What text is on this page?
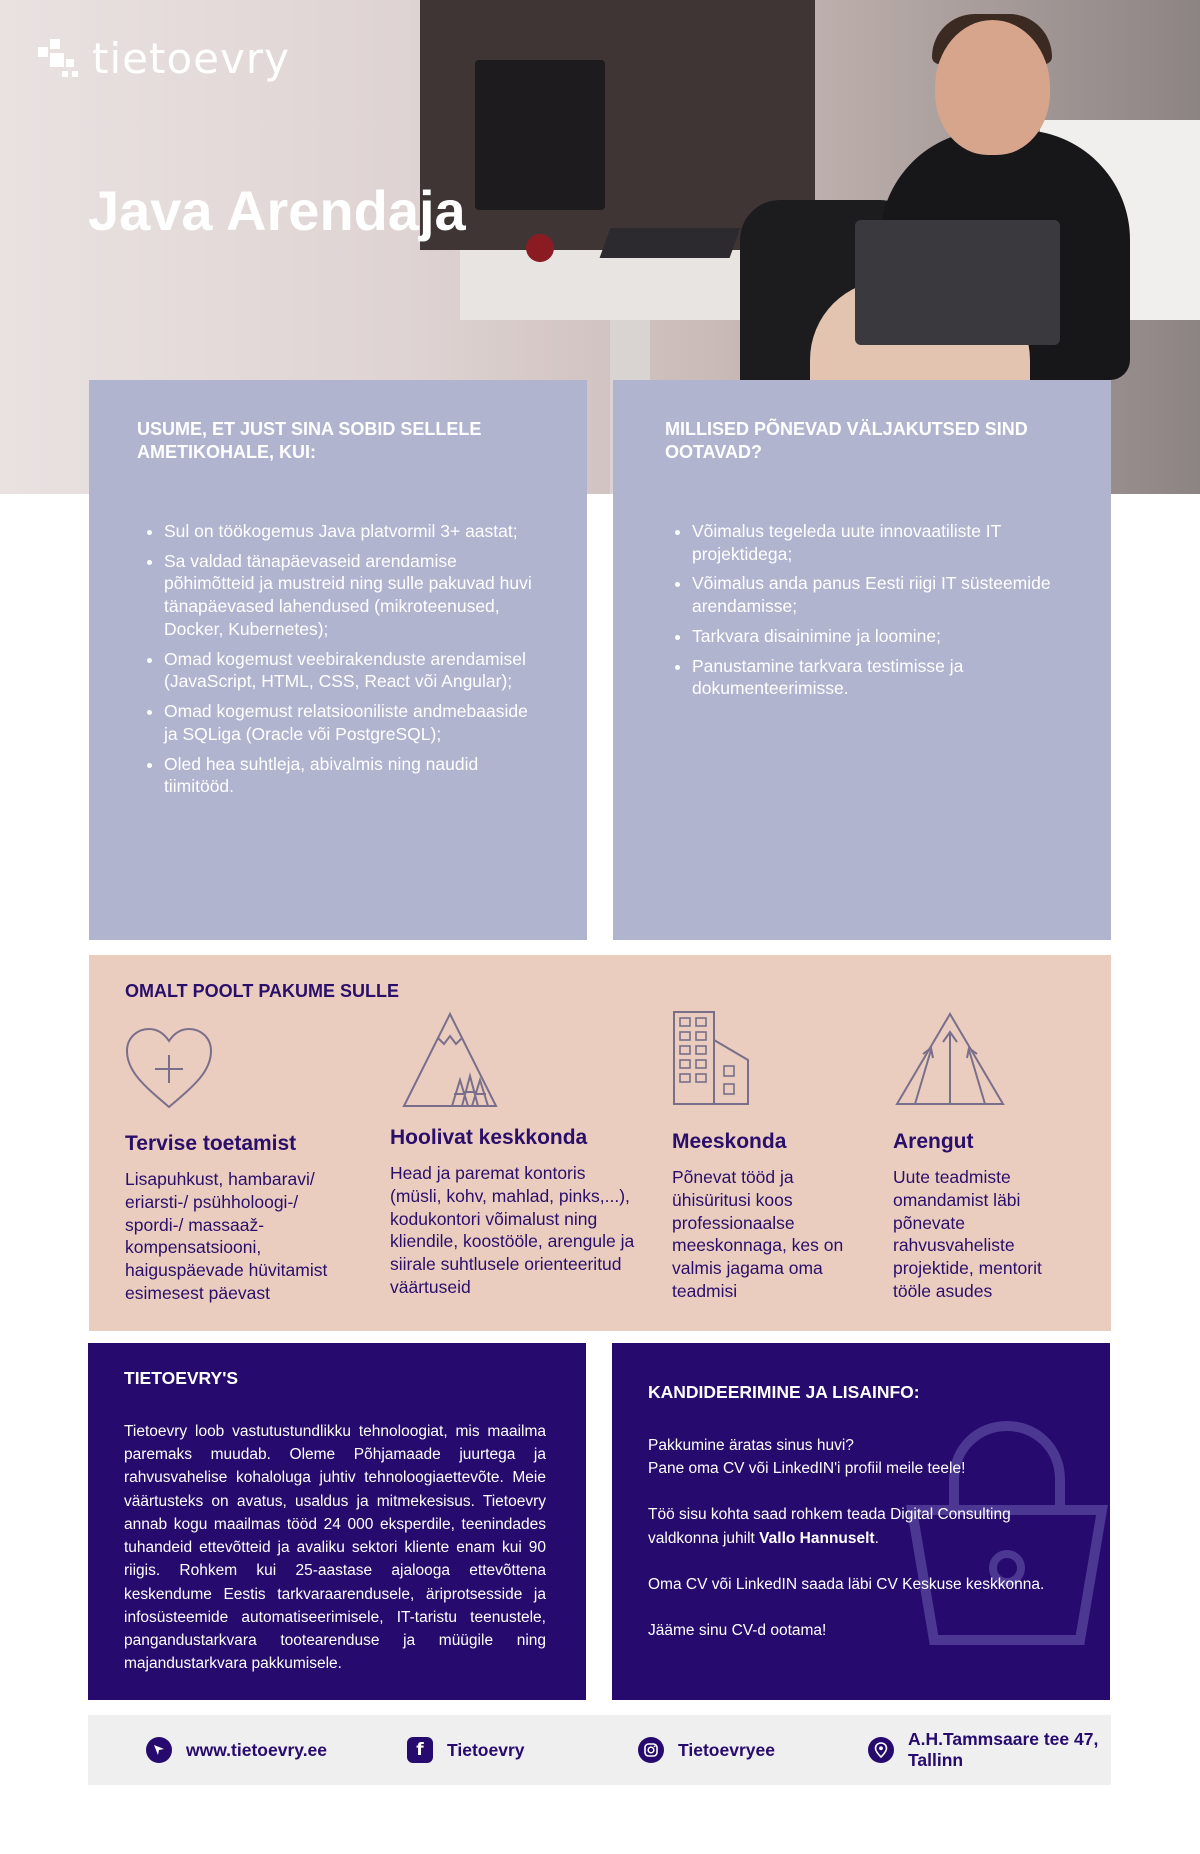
tietoevry
Java Arendaja
USUME, ET JUST SINA SOBID SELLELE AMETIKOHALE, KUI:
• Sul on töökogemus Java platvormil 3+ aastat;
• Sa valdad tänapäevaseid arendamise põhimõtteid ja mustreid ning sulle pakuvad huvi tänapäevased lahendused (mikroteenused, Docker, Kubernetes);
• Omad kogemust veebirakenduste arendamisel (JavaScript, HTML, CSS, React või Angular);
• Omad kogemust relatsiooniliste andmebaaside ja SQLiga (Oracle või PostgreSQL);
• Oled hea suhtleja, abivalmis ning naudid tiimitööd.
MILLISED PÕNEVAD VÄLJAKUTSED SIND OOTAVAD?
• Võimalus tegeleda uute innovaatiliste IT projektidega;
• Võimalus anda panus Eesti riigi IT süsteemide arendamisse;
• Tarkvara disainimine ja loomine;
• Panustamine tarkvara testimisse ja dokumenteerimisse.
OMALT POOLT PAKUME SULLE
Tervise toetamist

Lisapuhkust, hambaravi/ eriarsti-/ psühholoogi-/ spordi-/ massaaž-kompensatsiooni, haiguspäevade hüvitamist esimesest päevast

Hoolivat keskkonda

Head ja paremat kontoris (müsli, kohv, mahlad, pinks,...), kodukontori võimalust ning kliendile, koostööle, arengule ja siirale suhtlusele orienteeritud väärtuseid

Meeskonda

Põnevat tööd ja ühisüritusi koos professionaalse meeskonnaga, kes on valmis jagama oma teadmisi

Arengut

Uute teadmiste omandamist läbi põnevate rahvusvaheliste projektide, mentorit tööle asudes

TIETOEVRY'S

Tietoevry loob vastutustundlikku tehnoloogiat, mis maailma paremaks muudab. Oleme Põhjamaade juurtega ja rahvusvahelise kohaloluga juhtiv tehnoloogiaettevõte. Meie väärtusteks on avatus, usaldus ja mitmekesisus. Tietoevry annab kogu maailmas tööd 24 000 eksperdile, teenindades tuhandeid ettevõtteid ja avaliku sektori kliente enam kui 90 riigis. Rohkem kui 25-aastase ajalooga ettevõttena keskendume Eestis tarkvaraarendusele, äriprotsesside ja infosüsteemide automatiseerimisele, IT-taristu teenustele, pangandustarkvara tootearenduse ja müügile ning majandustarkvara pakkumisele.

KANDIDEERIMINE JA LISAINFO:

Pakkumine äratas sinus huvi?
Pane oma CV või LinkedIN'i profiil meile teele!

Töö sisu kohta saad rohkem teada Digital Consulting valdkonna juhilt Vallo Hannuselt.

Oma CV või LinkedIN saada läbi CV Keskuse keskkonna.

Jääme sinu CV-d ootama!

www.tietoevry.ee	f Tietoevry	Tietoevryee
A.H.Tammsaare tee 47,
Tallinn
